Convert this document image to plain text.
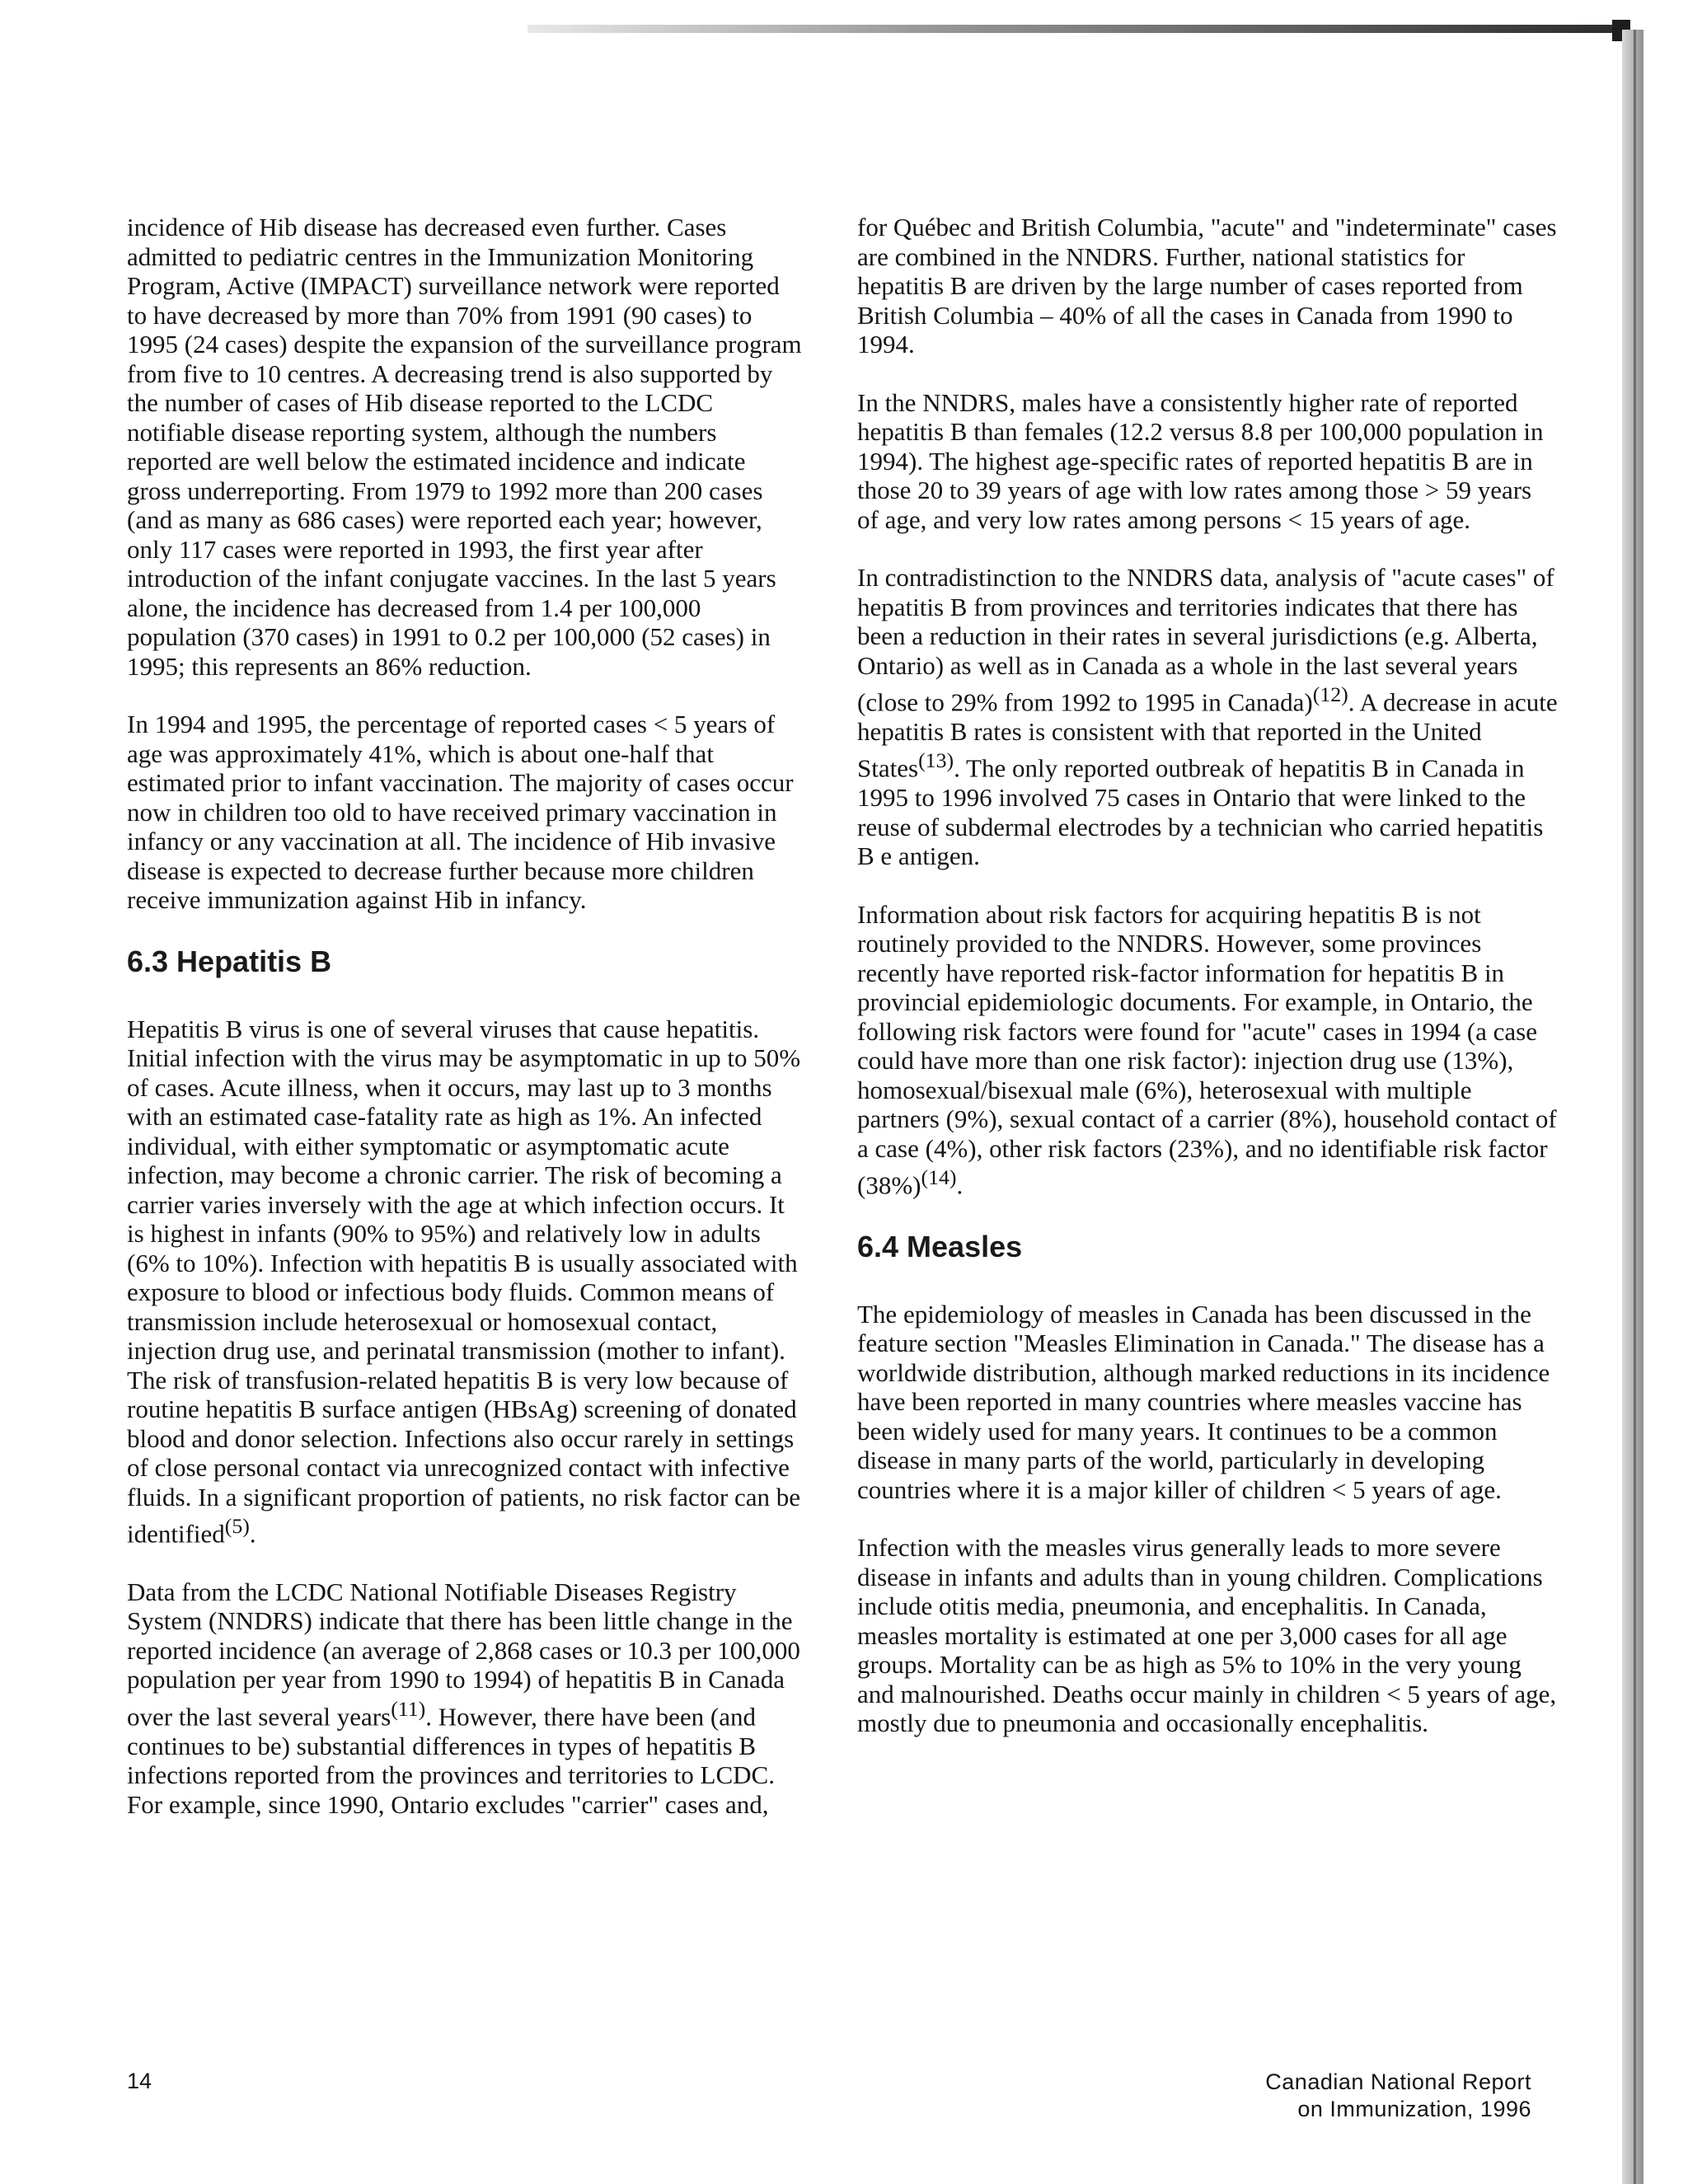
incidence of Hib disease has decreased even further. Cases admitted to pediatric centres in the Immunization Monitoring Program, Active (IMPACT) surveillance network were reported to have decreased by more than 70% from 1991 (90 cases) to 1995 (24 cases) despite the expansion of the surveillance program from five to 10 centres. A decreasing trend is also supported by the number of cases of Hib disease reported to the LCDC notifiable disease reporting system, although the numbers reported are well below the estimated incidence and indicate gross underreporting. From 1979 to 1992 more than 200 cases (and as many as 686 cases) were reported each year; however, only 117 cases were reported in 1993, the first year after introduction of the infant conjugate vaccines. In the last 5 years alone, the incidence has decreased from 1.4 per 100,000 population (370 cases) in 1991 to 0.2 per 100,000 (52 cases) in 1995; this represents an 86% reduction.

In 1994 and 1995, the percentage of reported cases < 5 years of age was approximately 41%, which is about one-half that estimated prior to infant vaccination. The majority of cases occur now in children too old to have received primary vaccination in infancy or any vaccination at all. The incidence of Hib invasive disease is expected to decrease further because more children receive immunization against Hib in infancy.

6.3 Hepatitis B

Hepatitis B virus is one of several viruses that cause hepatitis. Initial infection with the virus may be asymptomatic in up to 50% of cases. Acute illness, when it occurs, may last up to 3 months with an estimated case-fatality rate as high as 1%. An infected individual, with either symptomatic or asymptomatic acute infection, may become a chronic carrier. The risk of becoming a carrier varies inversely with the age at which infection occurs. It is highest in infants (90% to 95%) and relatively low in adults (6% to 10%). Infection with hepatitis B is usually associated with exposure to blood or infectious body fluids. Common means of transmission include heterosexual or homosexual contact, injection drug use, and perinatal transmission (mother to infant). The risk of transfusion-related hepatitis B is very low because of routine hepatitis B surface antigen (HBsAg) screening of donated blood and donor selection. Infections also occur rarely in settings of close personal contact via unrecognized contact with infective fluids. In a significant proportion of patients, no risk factor can be identified$^{(5)}$.

Data from the LCDC National Notifiable Diseases Registry System (NNDRS) indicate that there has been little change in the reported incidence (an average of 2,868 cases or 10.3 per 100,000 population per year from 1990 to 1994) of hepatitis B in Canada over the last several years$^{(11)}$. However, there have been (and continues to be) substantial differences in types of hepatitis B infections reported from the provinces and territories to LCDC. For example, since 1990, Ontario excludes "carrier" cases and,

for Québec and British Columbia, "acute" and "indeterminate" cases are combined in the NNDRS. Further, national statistics for hepatitis B are driven by the large number of cases reported from British Columbia – 40% of all the cases in Canada from 1990 to 1994.

In the NNDRS, males have a consistently higher rate of reported hepatitis B than females (12.2 versus 8.8 per 100,000 population in 1994). The highest age-specific rates of reported hepatitis B are in those 20 to 39 years of age with low rates among those > 59 years of age, and very low rates among persons < 15 years of age.

In contradistinction to the NNDRS data, analysis of "acute cases" of hepatitis B from provinces and territories indicates that there has been a reduction in their rates in several jurisdictions (e.g. Alberta, Ontario) as well as in Canada as a whole in the last several years (close to 29% from 1992 to 1995 in Canada)$^{(12)}$. A decrease in acute hepatitis B rates is consistent with that reported in the United States$^{(13)}$. The only reported outbreak of hepatitis B in Canada in 1995 to 1996 involved 75 cases in Ontario that were linked to the reuse of subdermal electrodes by a technician who carried hepatitis B e antigen.

Information about risk factors for acquiring hepatitis B is not routinely provided to the NNDRS. However, some provinces recently have reported risk-factor information for hepatitis B in provincial epidemiologic documents. For example, in Ontario, the following risk factors were found for "acute" cases in 1994 (a case could have more than one risk factor): injection drug use (13%), homosexual/bisexual male (6%), heterosexual with multiple partners (9%), sexual contact of a carrier (8%), household contact of a case (4%), other risk factors (23%), and no identifiable risk factor $(38\%)^{(14)}$.

6.4 Measles

The epidemiology of measles in Canada has been discussed in the feature section "Measles Elimination in Canada." The disease has a worldwide distribution, although marked reductions in its incidence have been reported in many countries where measles vaccine has been widely used for many years. It continues to be a common disease in many parts of the world, particularly in developing countries where it is a major killer of children < 5 years of age.

Infection with the measles virus generally leads to more severe disease in infants and adults than in young children. Complications include otitis media, pneumonia, and encephalitis. In Canada, measles mortality is estimated at one per 3,000 cases for all age groups. Mortality can be as high as 5% to 10% in the very young and malnourished. Deaths occur mainly in children < 5 years of age, mostly due to pneumonia and occasionally encephalitis.

14	Canadian National Report
on Immunization, 1996
